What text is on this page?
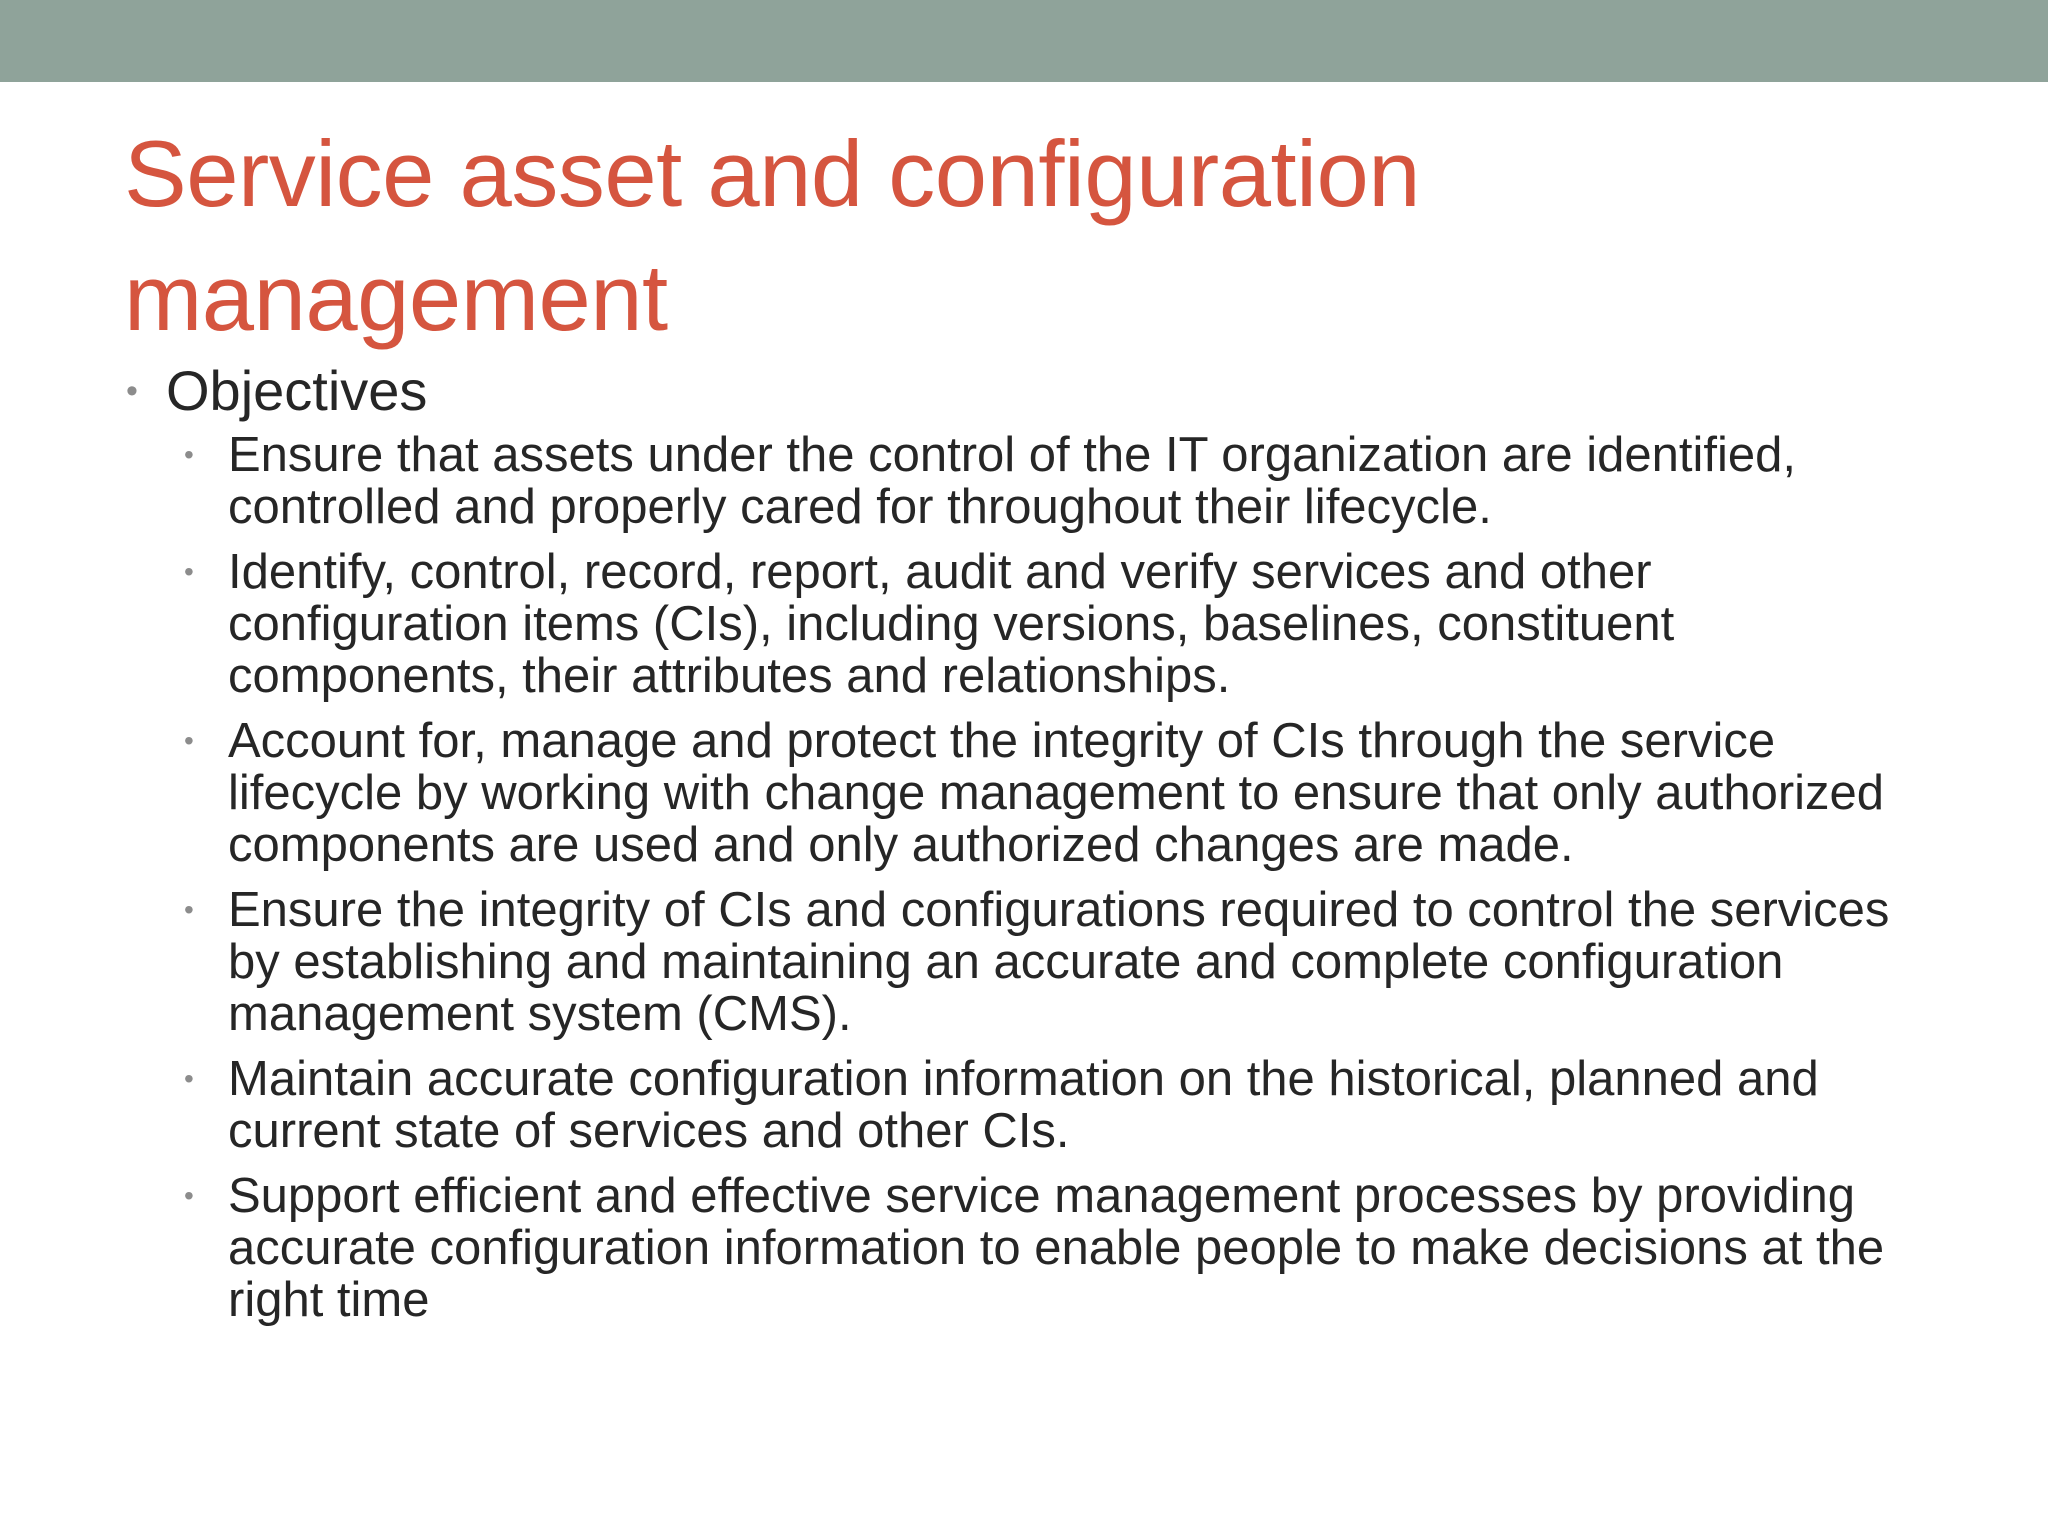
Service asset and configuration management
• Objectives
• Ensure that assets under the control of the IT organization are identified, controlled and properly cared for throughout their lifecycle.
• Identify, control, record, report, audit and verify services and other configuration items (CIs), including versions, baselines, constituent components, their attributes and relationships.
• Account for, manage and protect the integrity of CIs through the service lifecycle by working with change management to ensure that only authorized components are used and only authorized changes are made.
• Ensure the integrity of CIs and configurations required to control the services by establishing and maintaining an accurate and complete configuration management system (CMS).
• Maintain accurate configuration information on the historical, planned and current state of services and other CIs.
• Support efficient and effective service management processes by providing accurate configuration information to enable people to make decisions at the right time
